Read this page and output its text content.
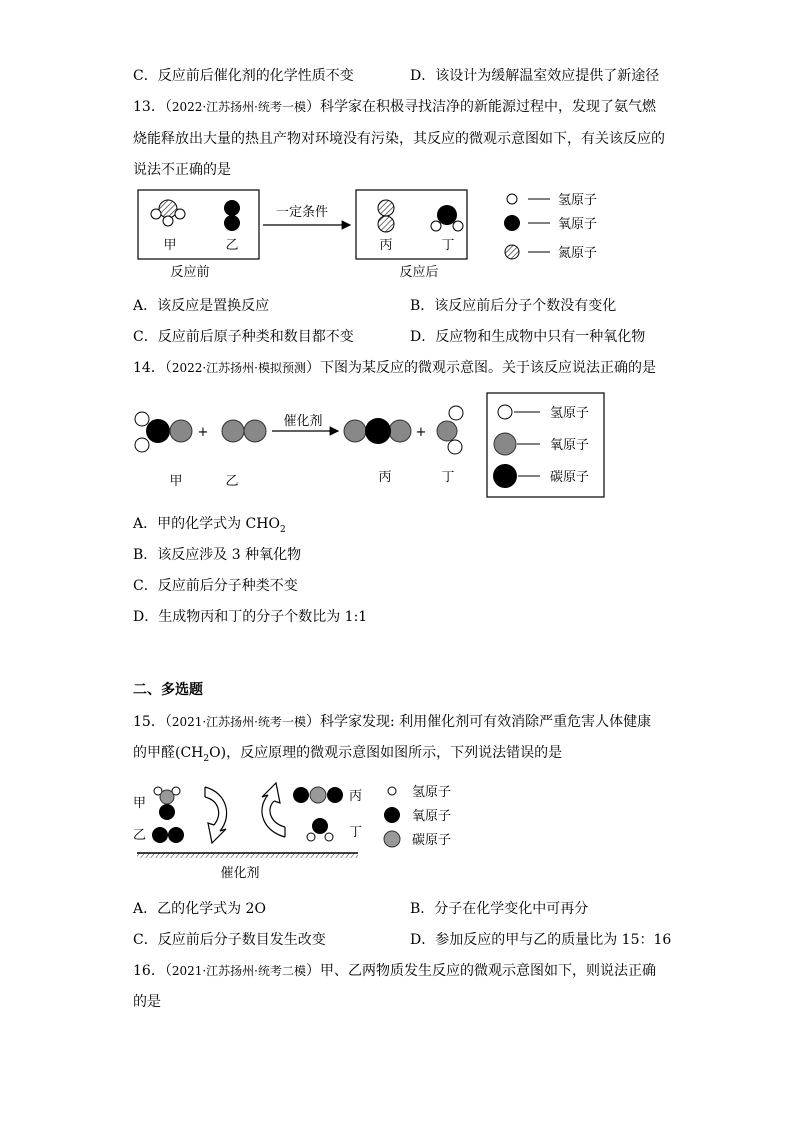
C．反应前后催化剂的化学性质不变	D．该设计为缓解温室效应提供了新途径
13．（2022·江苏扬州·统考一模）科学家在积极寻找洁净的新能源过程中，发现了氨气燃
烧能释放出大量的热且产物对环境没有污染，其反应的微观示意图如下，有关该反应的
说法不正确的是
甲	乙
反应前
一定条件
丙	丁
反应后
氢原子
氧原子
氮原子
A．该反应是置换反应	B．该反应前后分子个数没有变化
C．反应前后原子种类和数目都不变	D．反应物和生成物中只有一种氧化物
14．（2022·江苏扬州·模拟预测）下图为某反应的微观示意图。关于该反应说法正确的是
+
催化剂
+
甲	乙	丙	丁
氢原子
氧原子
碳原子
A．甲的化学式为 $CHO_2$
B．该反应涉及 3 种氧化物
C．反应前后分子种类不变
D．生成物丙和丁的分子个数比为 1:1
二、多选题
15．（2021·江苏扬州·统考一模）科学家发现: 利用催化剂可有效消除严重危害人体健康
的甲醛$(CH_2O)$，反应原理的微观示意图如图所示，下列说法错误的是
甲
乙
丙
丁
催化剂
氢原子
氧原子
碳原子
A．乙的化学式为 2O	B．分子在化学变化中可再分
C．反应前后分子数目发生改变	D．参加反应的甲与乙的质量比为 15：16
16．（2021·江苏扬州·统考二模）甲、乙两物质发生反应的微观示意图如下，则说法正确
的是
